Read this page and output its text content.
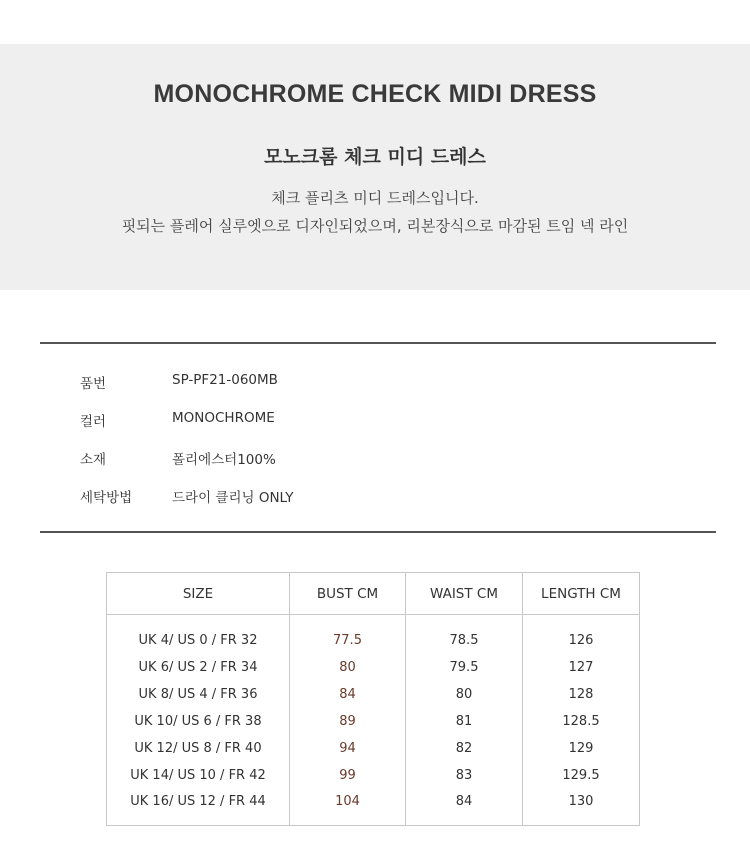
MONOCHROME CHECK MIDI DRESS
모노크롬 체크 미디 드레스

체크 플리츠 미디 드레스입니다.

핏되는 플레어 실루엣으로 디자인되었으며, 리본장식으로 마감된 트임 넥 라인

품번	SP-PF21-060MB
컬러	MONOCHROME
소재	폴리에스터100%
세탁방법	드라이 클리닝 ONLY
SIZE	BUST CM	WAIST CM	LENGTH CM
UK 4/ US 0 / FR 32	77.5	78.5	126
UK 6/ US 2 / FR 34	80	79.5	127
UK 8/ US 4 / FR 36	84	80	128
UK 10/ US 6 / FR 38	89	81	128.5
UK 12/ US 8 / FR 40	94	82	129
UK 14/ US 10 / FR 42	99	83	129.5
UK 16/ US 12 / FR 44	104	84	130
